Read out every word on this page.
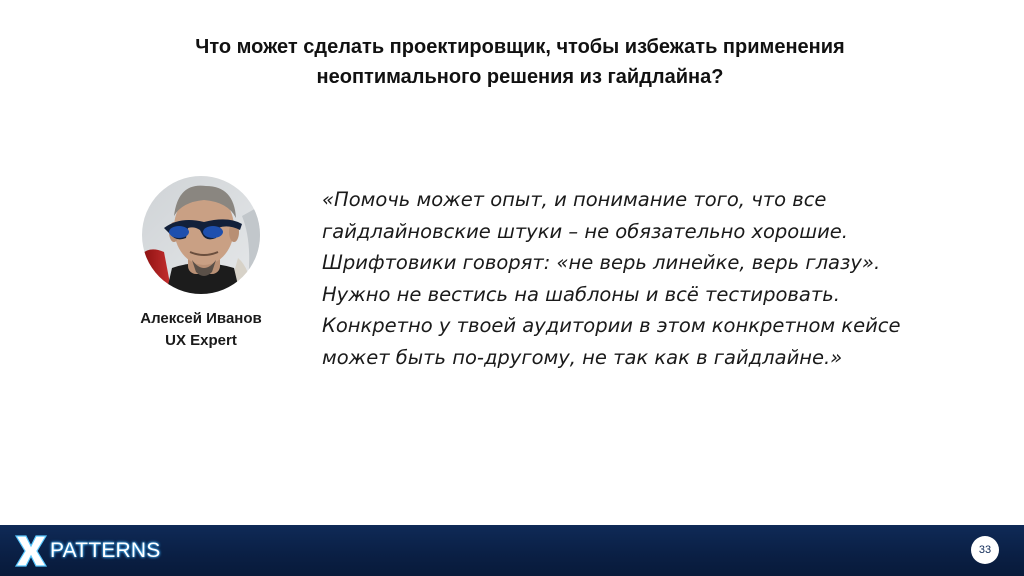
Что может сделать проектировщик, чтобы избежать применения
неоптимального решения из гайдлайна?
Алексей Иванов
UX Expert

«Помочь может опыт, и понимание того, что все гайдлайновские штуки – не обязательно хорошие. Шрифтовики говорят: «не верь линейке, верь глазу». Нужно не вестись на шаблоны и всё тестировать. Конкретно у твоей аудитории в этом конкретном кейсе может быть по-другому, не так как в гайдлайне.»

PATTERNS	33
